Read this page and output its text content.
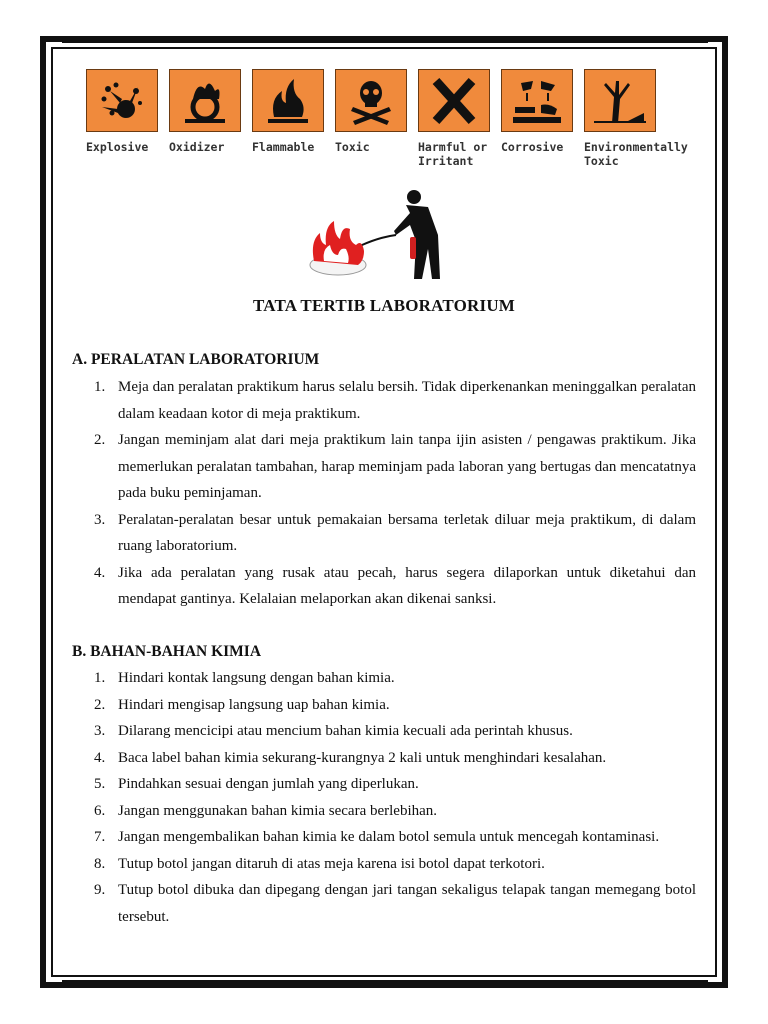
Explosive	Oxidizer	Flammable	Toxic	Harmful or
Irritant
Corrosive	Environmentally
Toxic
TATA TERTIB LABORATORIUM
A. PERALATAN LABORATORIUM
1. Meja dan peralatan praktikum harus selalu bersih. Tidak diperkenankan meninggalkan peralatan dalam keadaan kotor di meja praktikum.
2. Jangan meminjam alat dari meja praktikum lain tanpa ijin asisten / pengawas praktikum. Jika memerlukan peralatan tambahan, harap meminjam pada laboran yang bertugas dan mencatatnya pada buku peminjaman.
3. Peralatan-peralatan besar untuk pemakaian bersama terletak diluar meja praktikum, di dalam ruang laboratorium.
4. Jika ada peralatan yang rusak atau pecah, harus segera dilaporkan untuk diketahui dan mendapat gantinya. Kelalaian melaporkan akan dikenai sanksi.
B. BAHAN-BAHAN KIMIA
1. Hindari kontak langsung dengan bahan kimia.
2. Hindari mengisap langsung uap bahan kimia.
3. Dilarang mencicipi atau mencium bahan kimia kecuali ada perintah khusus.
4. Baca label bahan kimia sekurang-kurangnya 2 kali untuk menghindari kesalahan.
5. Pindahkan sesuai dengan jumlah yang diperlukan.
6. Jangan menggunakan bahan kimia secara berlebihan.
7. Jangan mengembalikan bahan kimia ke dalam botol semula untuk mencegah kontaminasi.
8. Tutup botol jangan ditaruh di atas meja karena isi botol dapat terkotori.
9. Tutup botol dibuka dan dipegang dengan jari tangan sekaligus telapak tangan memegang botol tersebut.
